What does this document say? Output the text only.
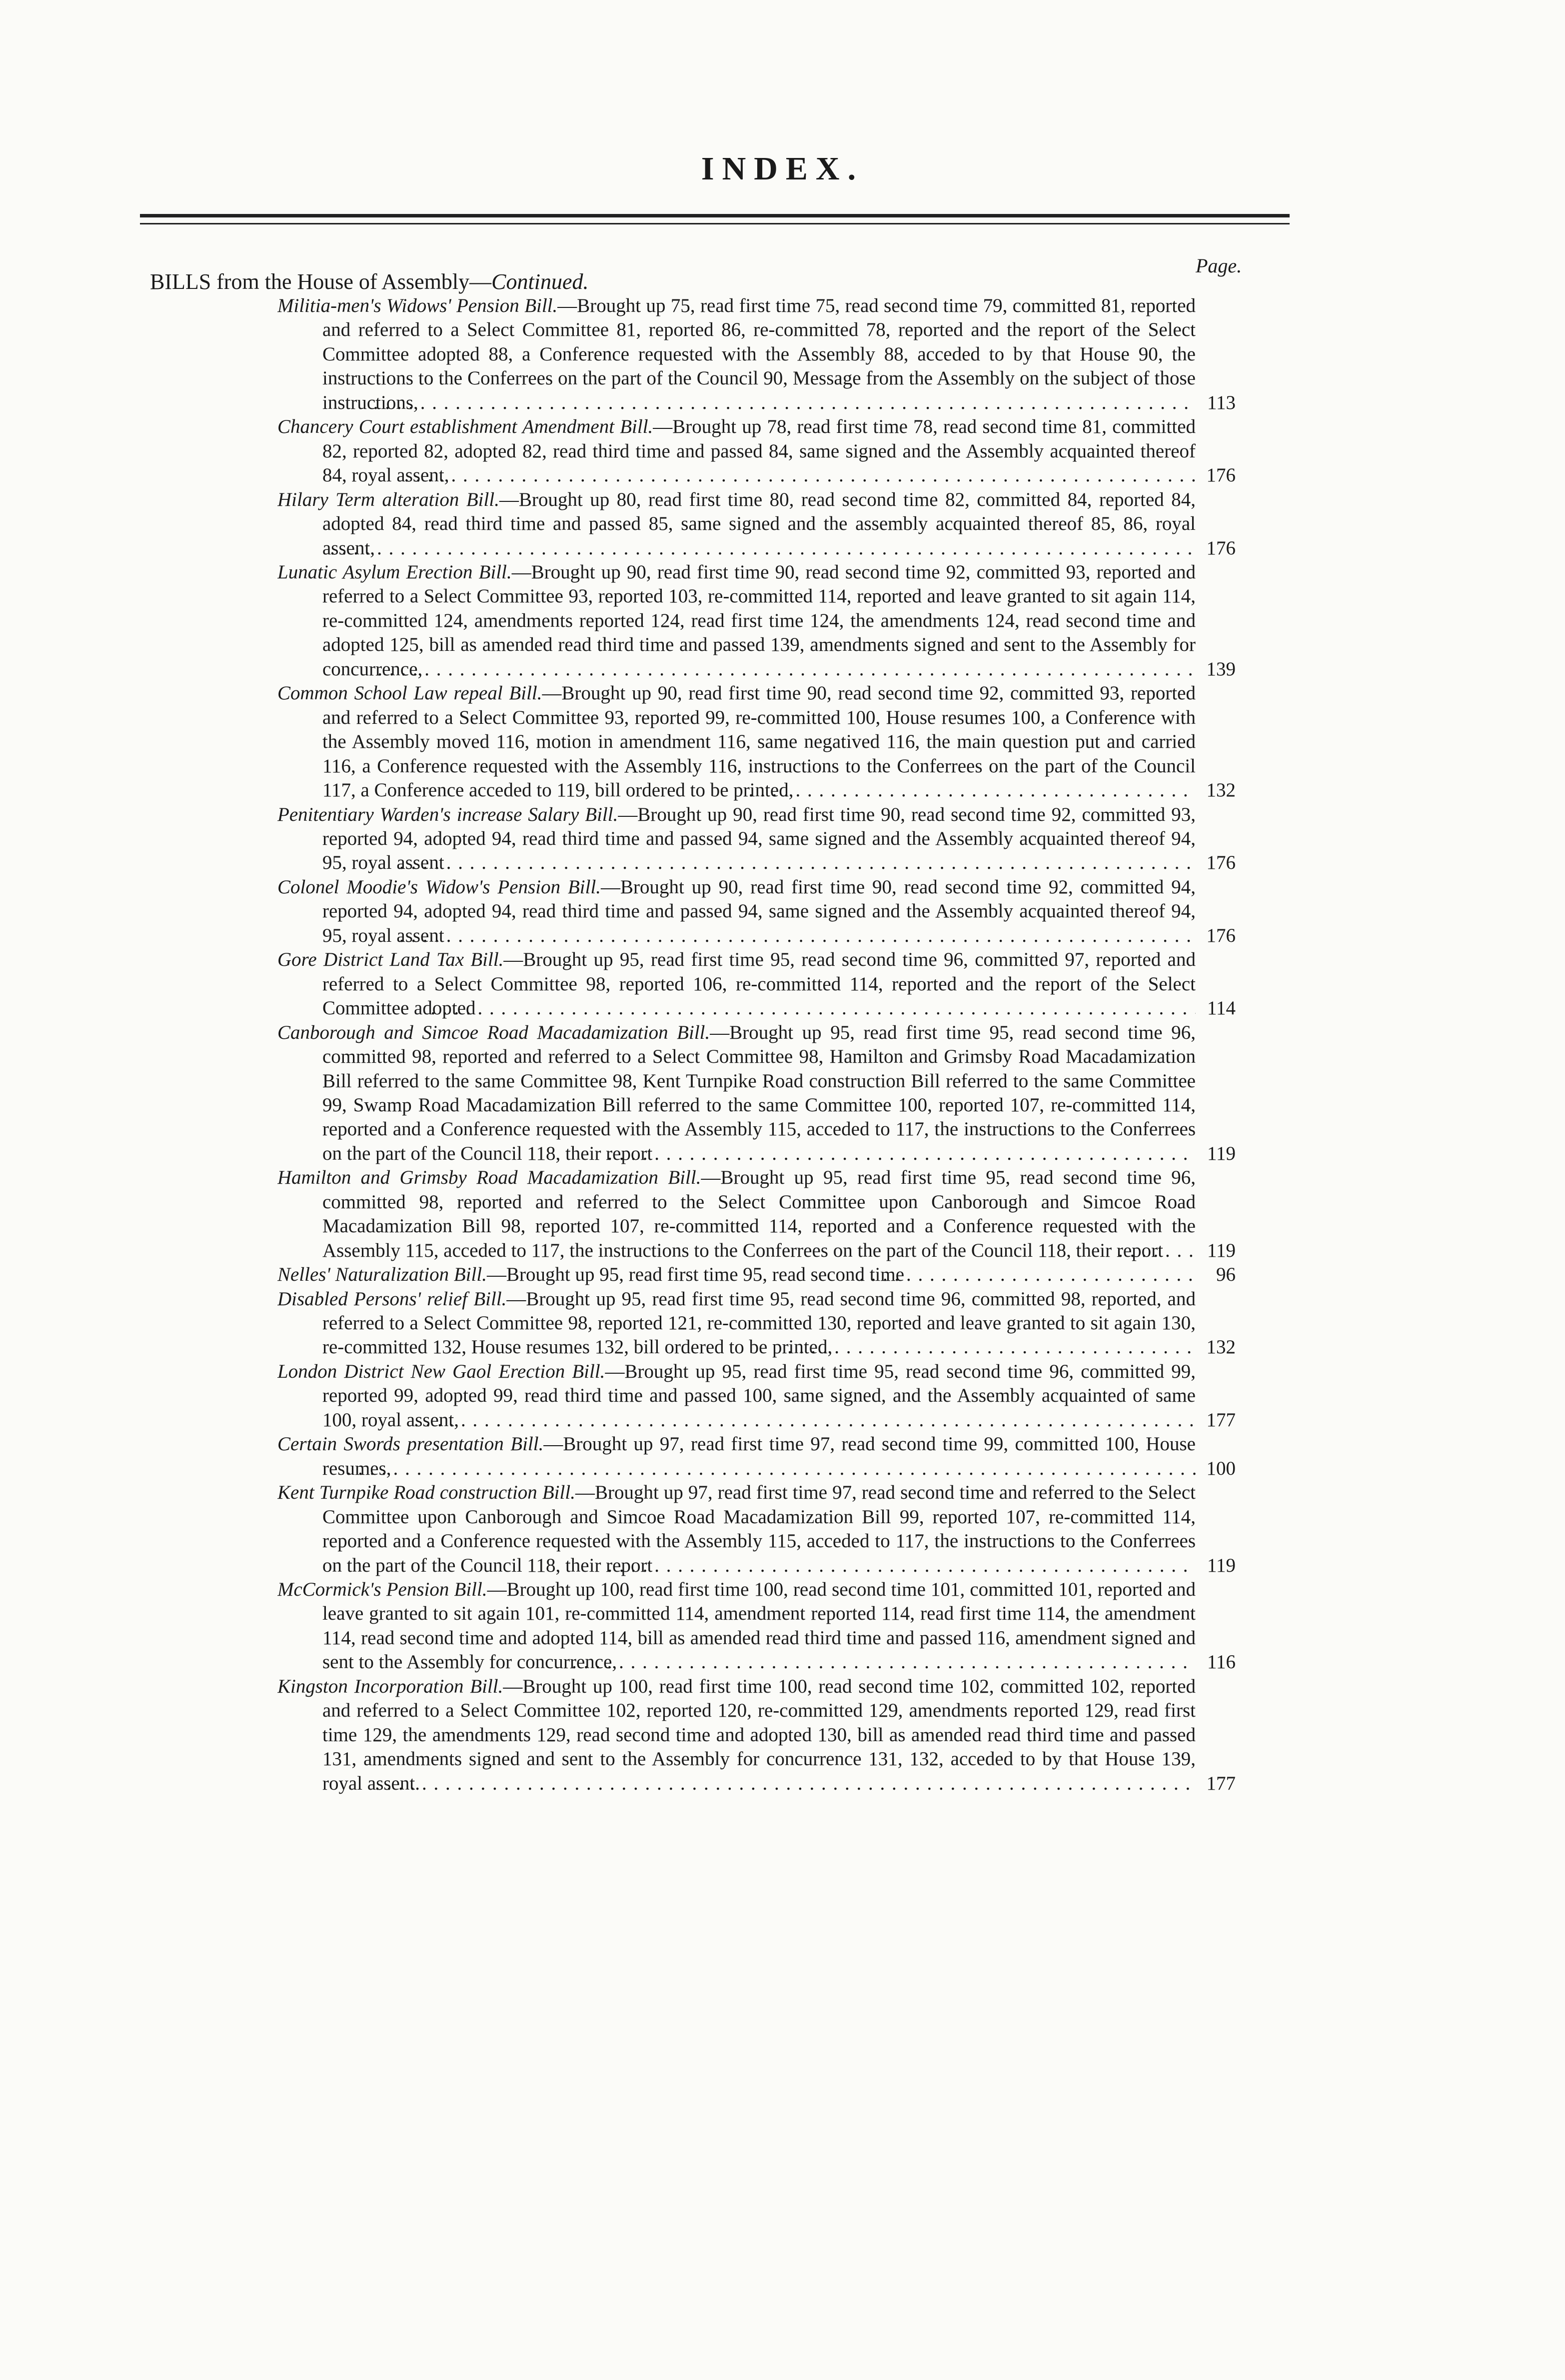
INDEX.
Page.
BILLS from the House of Assembly—Continued.
Militia-men's Widows' Pension Bill.—Brought up 75, read first time 75, read second time 79, committed 81, reported and referred to a Select Committee 81, reported 86, re-committed 78, reported and the report of the Select Committee adopted 88, a Conference requested with the Assembly 88, acceded to by that House 90, the instructions to the Conferrees on the part of the Council 90, Message from the Assembly on the subject of those instructions, . . .	113
Chancery Court establishment Amendment Bill.—Brought up 78, read first time 78, read second time 81, committed 82, reported 82, adopted 82, read third time and passed 84, same signed and the Assembly acquainted thereof 84, royal assent, . . .	176
Hilary Term alteration Bill.—Brought up 80, read first time 80, read second time 82, committed 84, reported 84, adopted 84, read third time and passed 85, same signed and the assembly acquainted thereof 85, 86, royal assent, . . .	176
Lunatic Asylum Erection Bill.—Brought up 90, read first time 90, read second time 92, committed 93, reported and referred to a Select Committee 93, reported 103, re-committed 114, reported and leave granted to sit again 114, re-committed 124, amendments reported 124, read first time 124, the amendments 124, read second time and adopted 125, bill as amended read third time and passed 139, amendments signed and sent to the Assembly for concurrence, . . .	139
Common School Law repeal Bill.—Brought up 90, read first time 90, read second time 92, committed 93, reported and referred to a Select Committee 93, reported 99, re-committed 100, House resumes 100, a Conference with the Assembly moved 116, motion in amendment 116, same negatived 116, the main question put and carried 116, a Conference requested with the Assembly 116, instructions to the Conferrees on the part of the Council 117, a Conference acceded to 119, bill ordered to be printed, . . .	132
Penitentiary Warden's increase Salary Bill.—Brought up 90, read first time 90, read second time 92, committed 93, reported 94, adopted 94, read third time and passed 94, same signed and the Assembly acquainted thereof 94, 95, royal assent . . .	176
Colonel Moodie's Widow's Pension Bill.—Brought up 90, read first time 90, read second time 92, committed 94, reported 94, adopted 94, read third time and passed 94, same signed and the Assembly acquainted thereof 94, 95, royal assent . . .	176
Gore District Land Tax Bill.—Brought up 95, read first time 95, read second time 96, committed 97, reported and referred to a Select Committee 98, reported 106, re-committed 114, reported and the report of the Select Committee adopted . . .	114
Canborough and Simcoe Road Macadamization Bill.—Brought up 95, read first time 95, read second time 96, committed 98, reported and referred to a Select Committee 98, Hamilton and Grimsby Road Macadamization Bill referred to the same Committee 98, Kent Turnpike Road construction Bill referred to the same Committee 99, Swamp Road Macadamization Bill referred to the same Committee 100, reported 107, re-committed 114, reported and a Conference requested with the Assembly 115, acceded to 117, the instructions to the Conferrees on the part of the Council 118, their report . . .	119
Hamilton and Grimsby Road Macadamization Bill.—Brought up 95, read first time 95, read second time 96, committed 98, reported and referred to the Select Committee upon Canborough and Simcoe Road Macadamization Bill 98, reported 107, re-committed 114, reported and a Conference requested with the Assembly 115, acceded to 117, the instructions to the Conferrees on the part of the Council 118, their report . . .	119
Nelles' Naturalization Bill.—Brought up 95, read first time 95, read second time . . .	96
Disabled Persons' relief Bill.—Brought up 95, read first time 95, read second time 96, committed 98, reported, and referred to a Select Committee 98, reported 121, re-committed 130, reported and leave granted to sit again 130, re-committed 132, House resumes 132, bill ordered to be printed, . . .	132
London District New Gaol Erection Bill.—Brought up 95, read first time 95, read second time 96, committed 99, reported 99, adopted 99, read third time and passed 100, same signed, and the Assembly acquainted of same 100, royal assent, . . .	177
Certain Swords presentation Bill.—Brought up 97, read first time 97, read second time 99, committed 100, House resumes, . . .	100
Kent Turnpike Road construction Bill.—Brought up 97, read first time 97, read second time and referred to the Select Committee upon Canborough and Simcoe Road Macadamization Bill 99, reported 107, re-committed 114, reported and a Conference requested with the Assembly 115, acceded to 117, the instructions to the Conferrees on the part of the Council 118, their report . . .	119
McCormick's Pension Bill.—Brought up 100, read first time 100, read second time 101, committed 101, reported and leave granted to sit again 101, re-committed 114, amendment reported 114, read first time 114, the amendment 114, read second time and adopted 114, bill as amended read third time and passed 116, amendment signed and sent to the Assembly for concurrence, . . .	116
Kingston Incorporation Bill.—Brought up 100, read first time 100, read second time 102, committed 102, reported and referred to a Select Committee 102, reported 120, re-committed 129, amendments reported 129, read first time 129, the amendments 129, read second time and adopted 130, bill as amended read third time and passed 131, amendments signed and sent to the Assembly for concurrence 131, 132, acceded to by that House 139, royal assent. . . .	177
